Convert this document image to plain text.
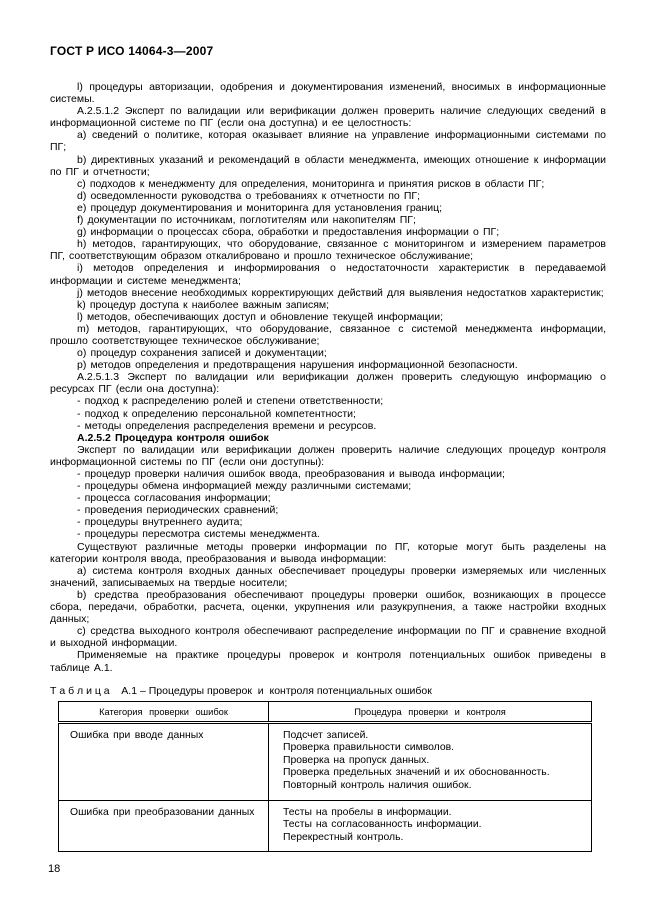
ГОСТ Р ИСО 14064-3—2007

l) процедуры авторизации, одобрения и документирования изменений, вносимых в информационные системы.

А.2.5.1.2 Эксперт по валидации или верификации должен проверить наличие следующих сведений в информационной системе по ПГ (если она доступна) и ее целостность:

a) сведений о политике, которая оказывает влияние на управление информационными системами по ПГ;

b) директивных указаний и рекомендаций в области менеджмента, имеющих отношение к информации по ПГ и отчетности;

c) подходов к менеджменту для определения, мониторинга и принятия рисков в области ПГ;

d) осведомленности руководства о требованиях к отчетности по ПГ;

e) процедур документирования и мониторинга для установления границ;

f) документации по источникам, поглотителям или накопителям ПГ;

g) информации о процессах сбора, обработки и предоставления информации о ПГ;

h) методов, гарантирующих, что оборудование, связанное с мониторингом и измерением параметров ПГ, соответствующим образом откалибровано и прошло техническое обслуживание;

i) методов определения и информирования о недостаточности характеристик в передаваемой информации и системе менеджмента;

j) методов внесение необходимых корректирующих действий для выявления недостатков характеристик;

k) процедур доступа к наиболее важным записям;

l) методов, обеспечивающих доступ и обновление текущей информации;

m) методов, гарантирующих, что оборудование, связанное с системой менеджмента информации, прошло соответствующее техническое обслуживание;

o) процедур сохранения записей и документации;

p) методов определения и предотвращения нарушения информационной безопасности.

А.2.5.1.3 Эксперт по валидации или верификации должен проверить следующую информацию о ресурсах ПГ (если она доступна):

- подход к распределению ролей и степени ответственности;

- подход к определению персональной компетентности;

- методы определения распределения времени и ресурсов.

А.2.5.2 Процедура контроля ошибок

Эксперт по валидации или верификации должен проверить наличие следующих процедур контроля информационной системы по ПГ (если они доступны):

- процедур проверки наличия ошибок ввода, преобразования и вывода информации;

- процедуры обмена информацией между различными системами;

- процесса согласования информации;

- проведения периодических сравнений;

- процедуры внутреннего аудита;

- процедуры пересмотра системы менеджмента.

Существуют различные методы проверки информации по ПГ, которые могут быть разделены на категории контроля ввода, преобразования и вывода информации:

a) система контроля входных данных обеспечивает процедуры проверки измеряемых или численных значений, записываемых на твердые носители;

b) средства преобразования обеспечивают процедуры проверки ошибок, возникающих в процессе сбора, передачи, обработки, расчета, оценки, укрупнения или разукрупнения, а также настройки входных данных;

c) средства выходного контроля обеспечивают распределение информации по ПГ и сравнение входной и выходной информации.

Применяемые на практике процедуры проверок и контроля потенциальных ошибок приведены в таблице А.1.

Т а б л и ц а    А.1 – Процедуры проверок  и  контроля потенциальных ошибок
Категория проверки ошибок	Процедура проверки и контроля
Ошибка при вводе данных	Подсчет записей.
Проверка правильности символов.
Проверка на пропуск данных.
Проверка предельных значений и их обоснованность.
Повторный контроль наличия ошибок.

Ошибка при преобразовании данных	Тесты на пробелы в информации.
Тесты на согласованность информации.
Перекрестный контроль.
18
